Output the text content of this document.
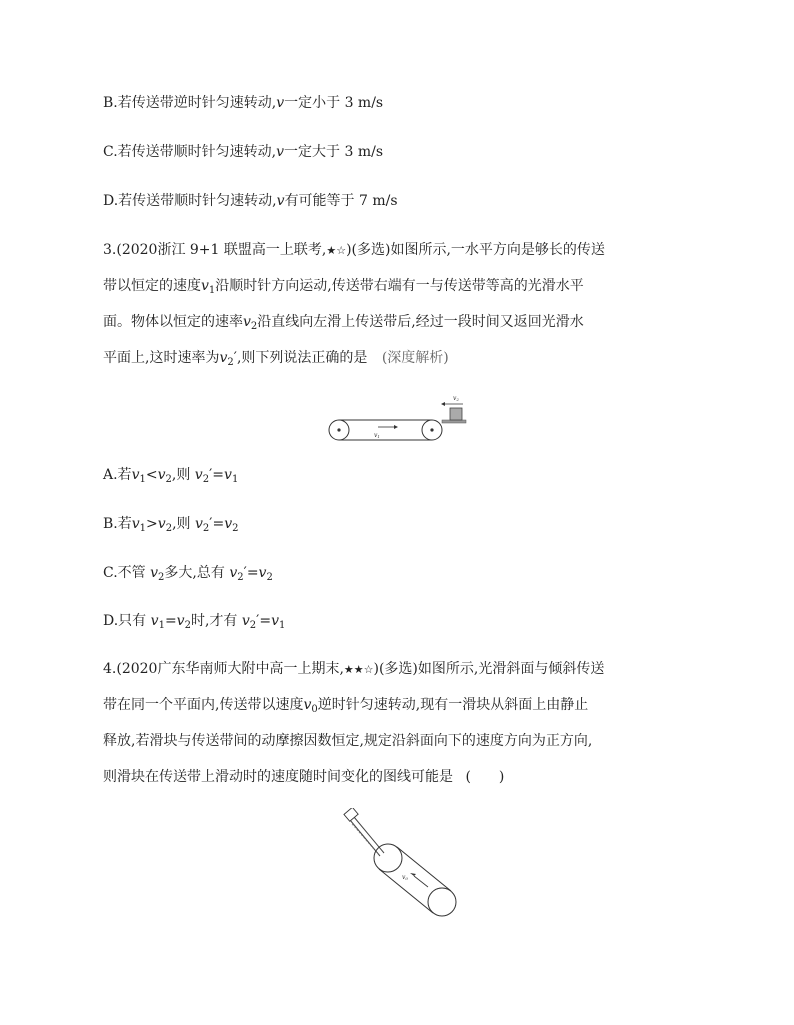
B.若传送带逆时针匀速转动,v一定小于 3 m/s
C.若传送带顺时针匀速转动,v一定大于 3 m/s
D.若传送带顺时针匀速转动,v有可能等于 7 m/s
3.(2020浙江 9+1 联盟高一上联考,★☆)(多选)如图所示,一水平方向是够长的传送
带以恒定的速度$v_1$沿顺时针方向运动,传送带右端有一与传送带等高的光滑水平
面。物体以恒定的速率$v_2$沿直线向左滑上传送带后,经过一段时间又返回光滑水
平面上,这时速率为$v_2'$,则下列说法正确的是 (深度解析)
v1
v2
A.若$v_1<v_2$,则 $v_2'=v_1$
B.若$v_1>v_2$,则 $v_2'=v_2$
C.不管 $v_2$多大,总有 $v_2'=v_2$
D.只有 $v_1=v_2$时,才有 $v_2'=v_1$
4.(2020广东华南师大附中高一上期末,★★☆)(多选)如图所示,光滑斜面与倾斜传送
带在同一个平面内,传送带以速度$v_0$逆时针匀速转动,现有一滑块从斜面上由静止
释放,若滑块与传送带间的动摩擦因数恒定,规定沿斜面向下的速度方向为正方向,
则滑块在传送带上滑动时的速度随时间变化的图线可能是 (　　)
v0
